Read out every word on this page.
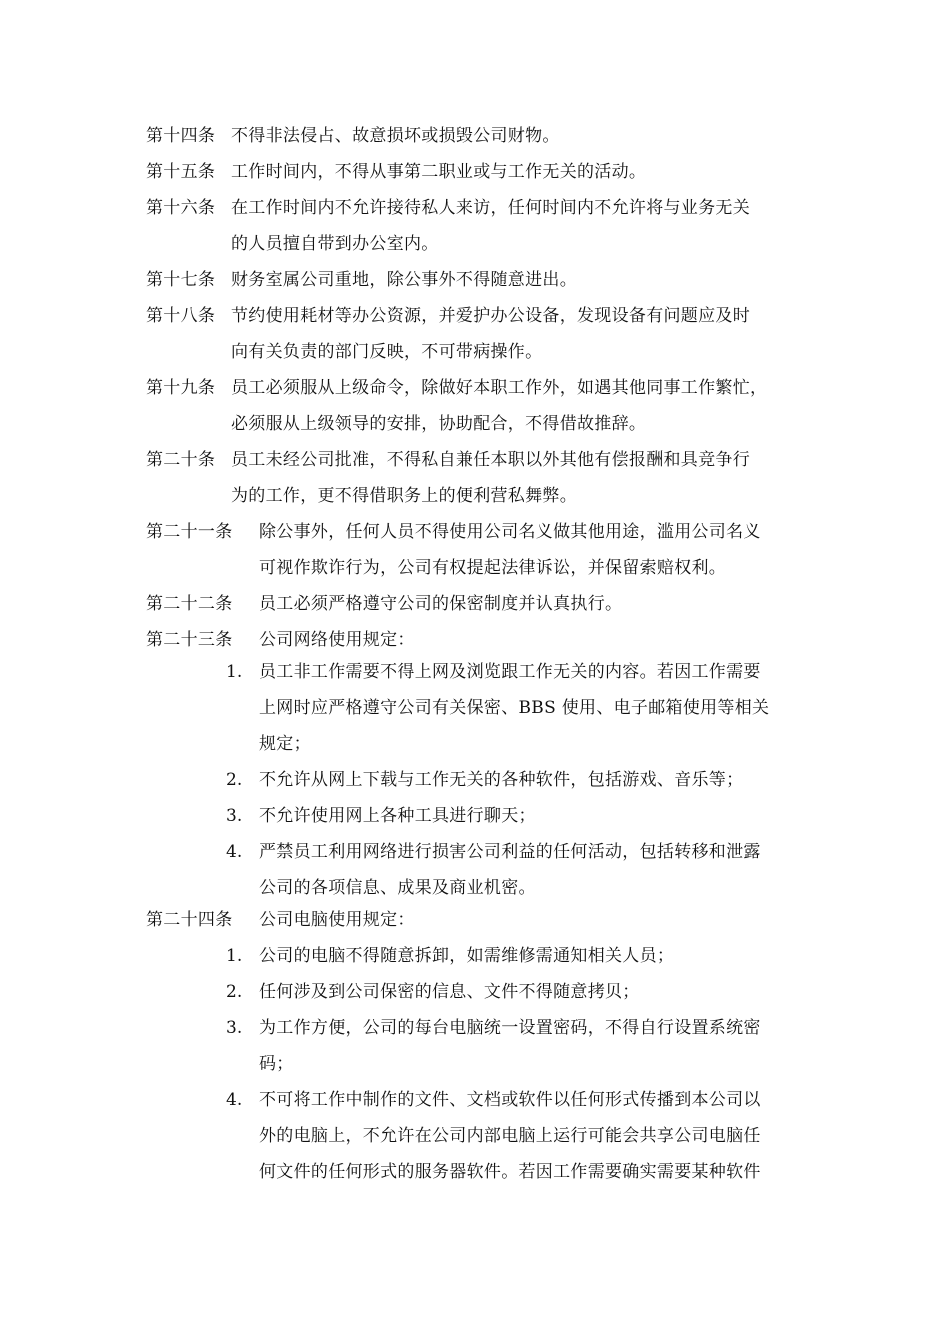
第十四条 不得非法侵占、故意损坏或损毁公司财物。
第十五条 工作时间内，不得从事第二职业或与工作无关的活动。
第十六条 在工作时间内不允许接待私人来访，任何时间内不允许将与业务无关
的人员擅自带到办公室内。
第十七条 财务室属公司重地，除公事外不得随意进出。
第十八条 节约使用耗材等办公资源，并爱护办公设备，发现设备有问题应及时
向有关负责的部门反映，不可带病操作。
第十九条 员工必须服从上级命令，除做好本职工作外，如遇其他同事工作繁忙，
必须服从上级领导的安排，协助配合，不得借故推辞。
第二十条 员工未经公司批准，不得私自兼任本职以外其他有偿报酬和具竞争行
为的工作，更不得借职务上的便利营私舞弊。
第二十一条 除公事外，任何人员不得使用公司名义做其他用途，滥用公司名义
可视作欺诈行为，公司有权提起法律诉讼，并保留索赔权利。
第二十二条 员工必须严格遵守公司的保密制度并认真执行。
第二十三条 公司网络使用规定：
1. 员工非工作需要不得上网及浏览跟工作无关的内容。若因工作需要
上网时应严格遵守公司有关保密、BBS 使用、电子邮箱使用等相关
规定；
2. 不允许从网上下载与工作无关的各种软件，包括游戏、音乐等；
3. 不允许使用网上各种工具进行聊天；
4. 严禁员工利用网络进行损害公司利益的任何活动，包括转移和泄露
公司的各项信息、成果及商业机密。
第二十四条 公司电脑使用规定：
1. 公司的电脑不得随意拆卸，如需维修需通知相关人员；
2. 任何涉及到公司保密的信息、文件不得随意拷贝；
3. 为工作方便，公司的每台电脑统一设置密码，不得自行设置系统密
码；
4. 不可将工作中制作的文件、文档或软件以任何形式传播到本公司以
外的电脑上，不允许在公司内部电脑上运行可能会共享公司电脑任
何文件的任何形式的服务器软件。若因工作需要确实需要某种软件
